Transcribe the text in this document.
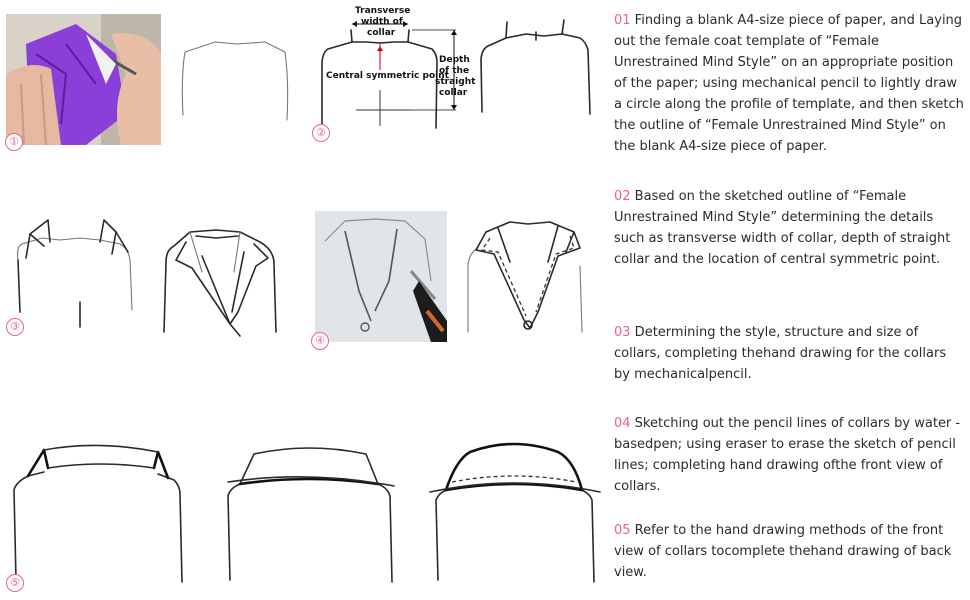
①
Transverse
width of
collar
Depth
of the
straight
collar
Central symmetric point
②
③
④
⑤

01 Finding a blank A4-size piece of paper, and Laying out the female coat template of “Female Unrestrained Mind Style” on an appropriate position of the paper; using mechanical pencil to lightly draw a circle along the profile of template, and then sketch the outline of “Female Unrestrained Mind Style” on the blank A4-size piece of paper.

02 Based on the sketched outline of “Female Unrestrained Mind Style” determining the details such as transverse width of collar, depth of straight collar and the location of central symmetric point.

03 Determining the style, structure and size of collars, completing thehand drawing for the collars by mechanicalpencil.

04 Sketching out the pencil lines of collars by water -basedpen; using eraser to erase the sketch of pencil lines; completing hand drawing ofthe front view of collars.

05 Refer to the hand drawing methods of the front view of collars tocomplete thehand drawing of back view.
